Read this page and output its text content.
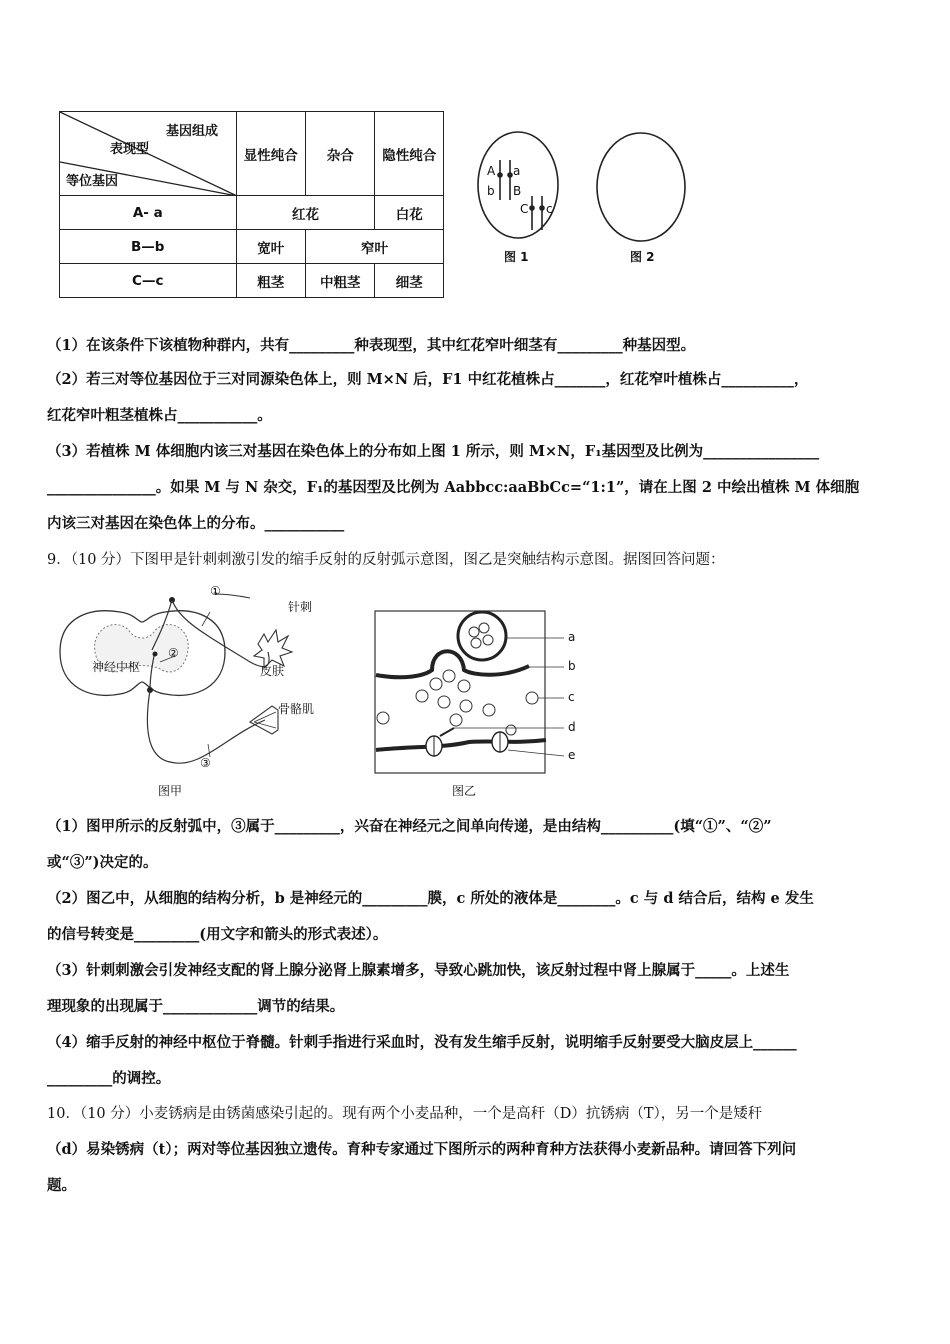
基因组成
表现型
等位基因	显性纯合	杂合	隐性纯合
A- a	红花		白花
B—b	宽叶	窄叶	
C—c	粗茎	中粗茎	细茎
A a
b B
C c
图 1	图 2
（1）在该条件下该植物种群内，共有_________种表现型，其中红花窄叶细茎有_________种基因型。
（2）若三对等位基因位于三对同源染色体上，则 M×N 后，F1 中红花植株占_______，红花窄叶植株占__________，
红花窄叶粗茎植株占___________。
（3）若植株 M 体细胞内该三对基因在染色体上的分布如上图 1 所示，则 M×N，F₁基因型及比例为________________
_______________。如果 M 与 N 杂交，F₁的基因型及比例为 Aabbcc:aaBbCc=“1:1”，请在上图 2 中绘出植株 M 体细胞
内该三对基因在染色体上的分布。___________
9．（10 分）下图甲是针刺刺激引发的缩手反射的反射弧示意图，图乙是突触结构示意图。据图回答问题：
①
②
③
神经中枢
针刺
皮肤
骨骼肌
图甲
a
b
c
d
e
图乙
（1）图甲所示的反射弧中，③属于_________，兴奋在神经元之间单向传递，是由结构__________(填“①”、“②”
或“③”)决定的。
（2）图乙中，从细胞的结构分析，b 是神经元的_________膜，c 所处的液体是________。c 与 d 结合后，结构 e 发生
的信号转变是_________(用文字和箭头的形式表述）。
（3）针刺刺激会引发神经支配的肾上腺分泌肾上腺素增多，导致心跳加快，该反射过程中肾上腺属于_____。上述生
理现象的出现属于_____________调节的结果。
（4）缩手反射的神经中枢位于脊髓。针刺手指进行采血时，没有发生缩手反射，说明缩手反射要受大脑皮层上______
_________的调控。
10．（10 分）小麦锈病是由锈菌感染引起的。现有两个小麦品种，一个是高秆（D）抗锈病（T），另一个是矮秆
（d）易染锈病（t）；两对等位基因独立遗传。育种专家通过下图所示的两种育种方法获得小麦新品种。请回答下列问
题。
